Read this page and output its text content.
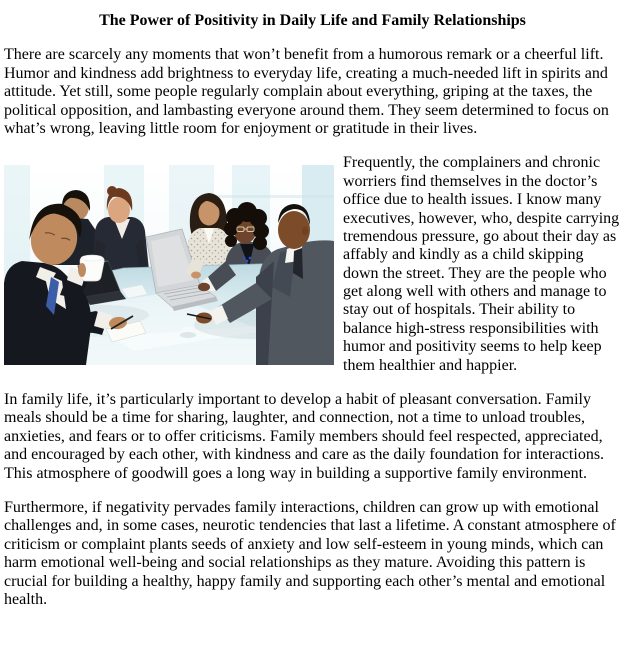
The Power of Positivity in Daily Life and Family Relationships

There are scarcely any moments that won’t benefit from a humorous remark or a cheerful lift. Humor and kindness add brightness to everyday life, creating a much-needed lift in spirits and attitude. Yet still, some people regularly complain about everything, griping at the taxes, the political opposition, and lambasting everyone around them. They seem determined to focus on what’s wrong, leaving little room for enjoyment or gratitude in their lives.

Frequently, the complainers and chronic worriers find themselves in the doctor’s office due to health issues. I know many executives, however, who, despite carrying tremendous pressure, go about their day as affably and kindly as a child skipping down the street. They are the people who get along well with others and manage to stay out of hospitals. Their ability to balance high-stress responsibilities with humor and positivity seems to help keep them healthier and happier.

In family life, it’s particularly important to develop a habit of pleasant conversation. Family meals should be a time for sharing, laughter, and connection, not a time to unload troubles, anxieties, and fears or to offer criticisms. Family members should feel respected, appreciated, and encouraged by each other, with kindness and care as the daily foundation for interactions. This atmosphere of goodwill goes a long way in building a supportive family environment.

Furthermore, if negativity pervades family interactions, children can grow up with emotional challenges and, in some cases, neurotic tendencies that last a lifetime. A constant atmosphere of criticism or complaint plants seeds of anxiety and low self-esteem in young minds, which can harm emotional well-being and social relationships as they mature. Avoiding this pattern is crucial for building a healthy, happy family and supporting each other’s mental and emotional health.
